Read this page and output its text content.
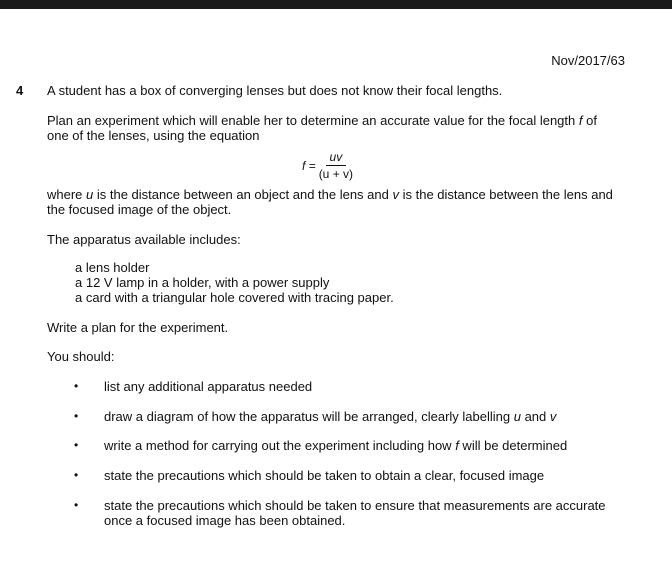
Nov/2017/63
4 A student has a box of converging lenses but does not know their focal lengths.
Plan an experiment which will enable her to determine an accurate value for the focal length f of
one of the lenses, using the equation
$f = \frac{uv}{(u + v)}$
where u is the distance between an object and the lens and v is the distance between the lens and
the focused image of the object.
The apparatus available includes:
a lens holder
a 12 V lamp in a holder, with a power supply
a card with a triangular hole covered with tracing paper.
Write a plan for the experiment.
You should:
• list any additional apparatus needed
• draw a diagram of how the apparatus will be arranged, clearly labelling u and v
• write a method for carrying out the experiment including how f will be determined
• state the precautions which should be taken to obtain a clear, focused image
• state the precautions which should be taken to ensure that measurements are accurate
once a focused image has been obtained.
